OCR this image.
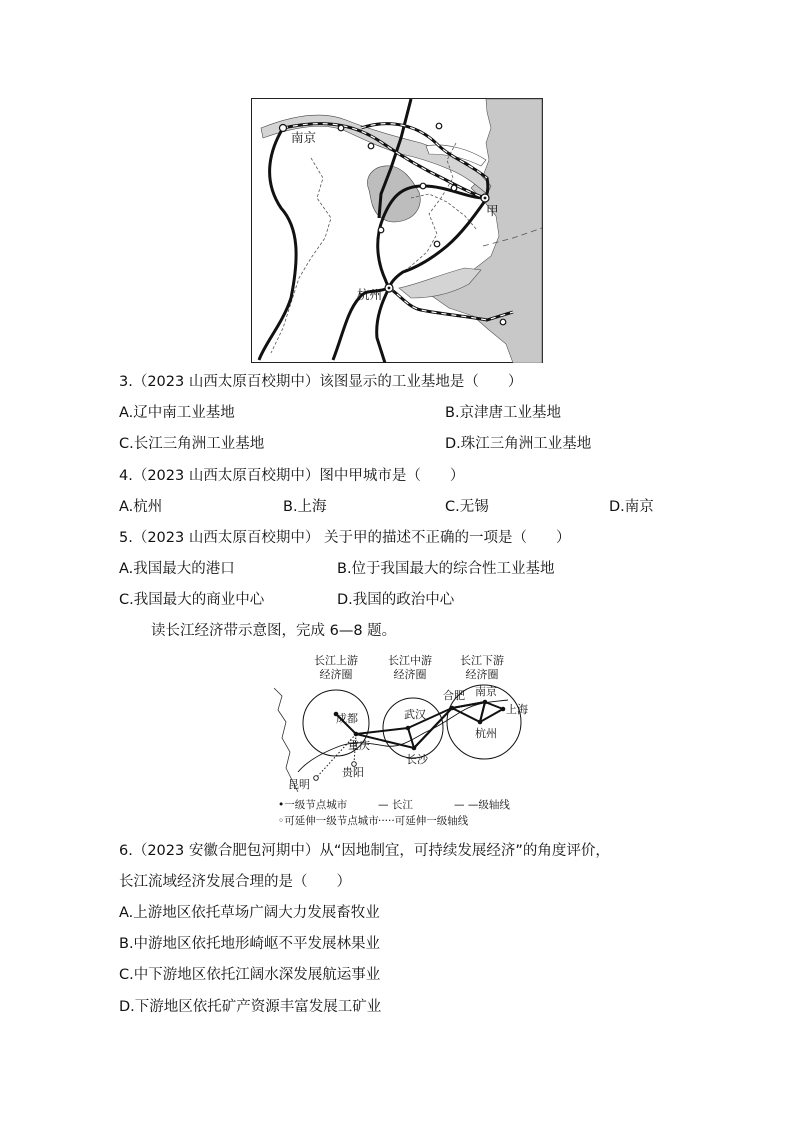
南京
杭州
甲
3.（2023 山西太原百校期中）该图显示的工业基地是（　　）
A.辽中南工业基地	B.京津唐工业基地
C.长江三角洲工业基地	D.珠江三角洲工业基地
4.（2023 山西太原百校期中）图中甲城市是（　　）
A.杭州	B.上海	C.无锡	D.南京
5.（2023 山西太原百校期中） 关于甲的描述不正确的一项是（　　）
A.我国最大的港口	B.位于我国最大的综合性工业基地
C.我国最大的商业中心	D.我国的政治中心
读长江经济带示意图，完成 6—8 题。
长江上游
经济圈
长江中游
经济圈
长江下游
经济圈
成都
重庆
武汉
长沙
合肥 南京
上海
杭州
昆明
贵阳
•一级节点城市	— 长江	— —级轴线
◦可延伸一级节点城市 ·····可延伸一级轴线
6.（2023 安徽合肥包河期中）从“因地制宜，可持续发展经济”的角度评价，
长江流域经济发展合理的是（　　）
A.上游地区依托草场广阔大力发展畜牧业
B.中游地区依托地形崎岖不平发展林果业
C.中下游地区依托江阔水深发展航运事业
D.下游地区依托矿产资源丰富发展工矿业
